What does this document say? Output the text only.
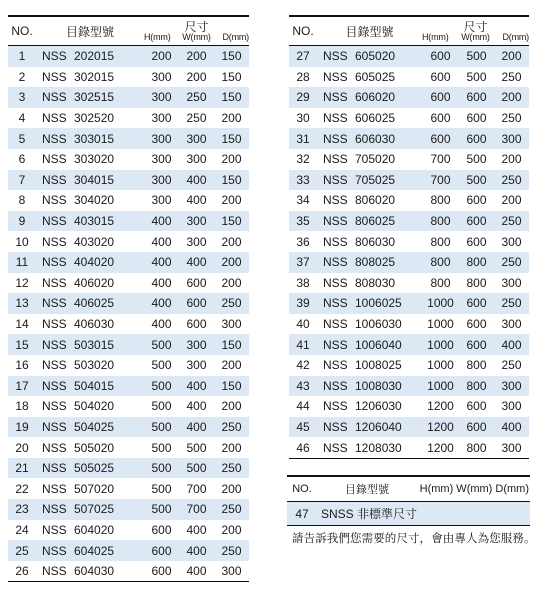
NO.	目錄型號	尺寸
H(mm) W(mm) D(mm)		

1	NSS 202015	200	200	150
2	NSS 302015	300	200	150
3	NSS 302515	300	250	150
4	NSS 302520	300	250	200
5	NSS 303015	300	300	150
6	NSS 303020	300	300	200
7	NSS 304015	300	400	150
8	NSS 304020	300	400	200
9	NSS 403015	400	300	150
10	NSS 403020	400	300	200
11	NSS 404020	400	400	200
12	NSS 406020	400	600	200
13	NSS 406025	400	600	250
14	NSS 406030	400	600	300
15	NSS 503015	500	300	150
16	NSS 503020	500	300	200
17	NSS 504015	500	400	150
18	NSS 504020	500	400	200
19	NSS 504025	500	400	250
20	NSS 505020	500	500	200
21	NSS 505025	500	500	250
22	NSS 507020	500	700	200
23	NSS 507025	500	700	250
24	NSS 604020	600	400	200
25	NSS 604025	600	400	250
26	NSS 604030	600	400	300
NO.	目錄型號	尺寸
H(mm) W(mm) D(mm)		

27	NSS 605020	600	500	200
28	NSS 605025	600	500	250
29	NSS 606020	600	600	200
30	NSS 606025	600	600	250
31	NSS 606030	600	600	300
32	NSS 705020	700	500	200
33	NSS 705025	700	500	250
34	NSS 806020	800	600	200
35	NSS 806025	800	600	250
36	NSS 806030	800	600	300
37	NSS 808025	800	800	250
38	NSS 808030	800	800	300
39	NSS 1006025	1000	600	250
40	NSS 1006030	1000	600	300
41	NSS 1006040	1000	600	400
42	NSS 1008025	1000	800	250
43	NSS 1008030	1000	800	300
44	NSS 1206030	1200	600	300
45	NSS 1206040	1200	600	400
46	NSS 1208030	1200	800	300
NO.	目錄型號	H(mm) W(mm) D(mm)
47	SNSS 非標準尺寸	
請告訴我們您需要的尺寸，會由專人為您服務。
